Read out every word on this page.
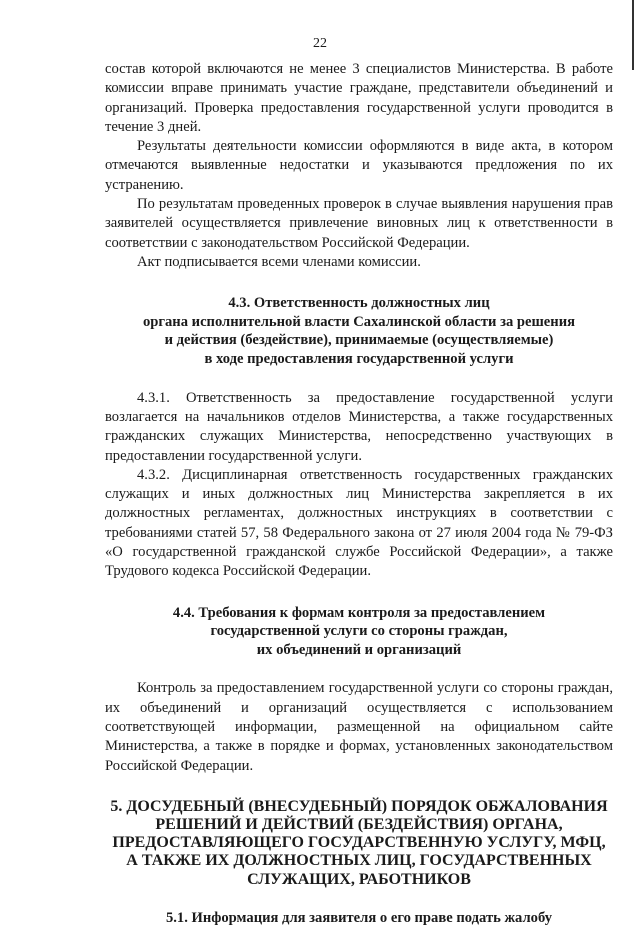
22

состав которой включаются не менее 3 специалистов Министерства. В работе комиссии вправе принимать участие граждане, представители объединений и организаций. Проверка предоставления государственной услуги проводится в течение 3 дней.

Результаты деятельности комиссии оформляются в виде акта, в котором отмечаются выявленные недостатки и указываются предложения по их устранению.

По результатам проведенных проверок в случае выявления нарушения прав заявителей осуществляется привлечение виновных лиц к ответственности в соответствии с законодательством Российской Федерации.

Акт подписывается всеми членами комиссии.

4.3. Ответственность должностных лиц
органа исполнительной власти Сахалинской области за решения
и действия (бездействие), принимаемые (осуществляемые)
в ходе предоставления государственной услуги

4.3.1. Ответственность за предоставление государственной услуги возлагается на начальников отделов Министерства, а также государственных гражданских служащих Министерства, непосредственно участвующих в предоставлении государственной услуги.

4.3.2. Дисциплинарная ответственность государственных гражданских служащих и иных должностных лиц Министерства закрепляется в их должностных регламентах, должностных инструкциях в соответствии с требованиями статей 57, 58 Федерального закона от 27 июля 2004 года № 79-ФЗ «О государственной гражданской службе Российской Федерации», а также Трудового кодекса Российской Федерации.

4.4. Требования к формам контроля за предоставлением
государственной услуги со стороны граждан,
их объединений и организаций

Контроль за предоставлением государственной услуги со стороны граждан, их объединений и организаций осуществляется с использованием соответствующей информации, размещенной на официальном сайте Министерства, а также в порядке и формах, установленных законодательством Российской Федерации.

5. ДОСУДЕБНЫЙ (ВНЕСУДЕБНЫЙ) ПОРЯДОК ОБЖАЛОВАНИЯ
РЕШЕНИЙ И ДЕЙСТВИЙ (БЕЗДЕЙСТВИЯ) ОРГАНА,
ПРЕДОСТАВЛЯЮЩЕГО ГОСУДАРСТВЕННУЮ УСЛУГУ, МФЦ,
А ТАКЖЕ ИХ ДОЛЖНОСТНЫХ ЛИЦ, ГОСУДАРСТВЕННЫХ
СЛУЖАЩИХ, РАБОТНИКОВ
5.1. Информация для заявителя о его праве подать жалобу
